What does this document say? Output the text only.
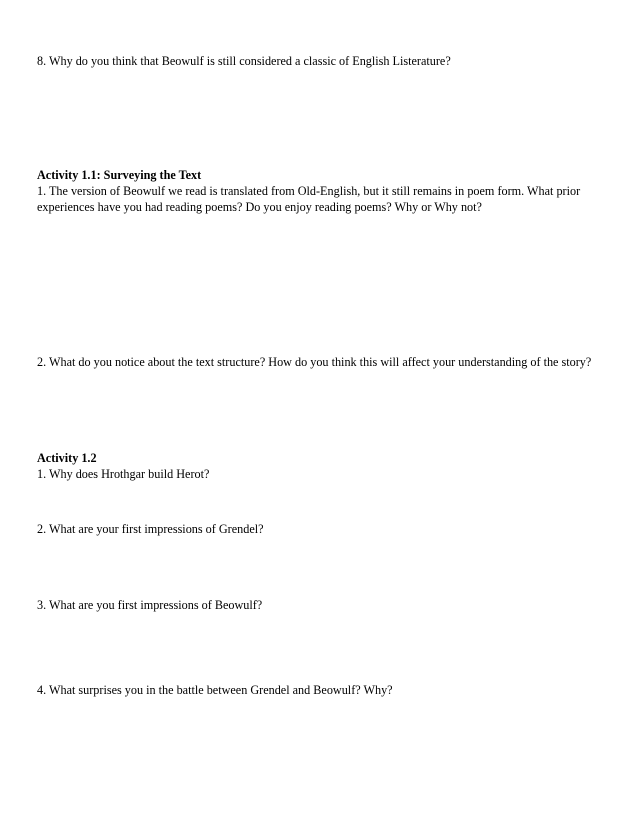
8. Why do you think that Beowulf is still considered a classic of English Listerature?

Activity 1.1: Surveying the Text

1. The version of Beowulf we read is translated from Old-English, but it still remains in poem form. What prior experiences have you had reading poems? Do you enjoy reading poems? Why or Why not?

2. What do you notice about the text structure? How do you think this will affect your understanding of the story?

Activity 1.2

1. Why does Hrothgar build Herot?

2. What are your first impressions of Grendel?

3. What are you first impressions of Beowulf?

4. What surprises you in the battle between Grendel and Beowulf? Why?
